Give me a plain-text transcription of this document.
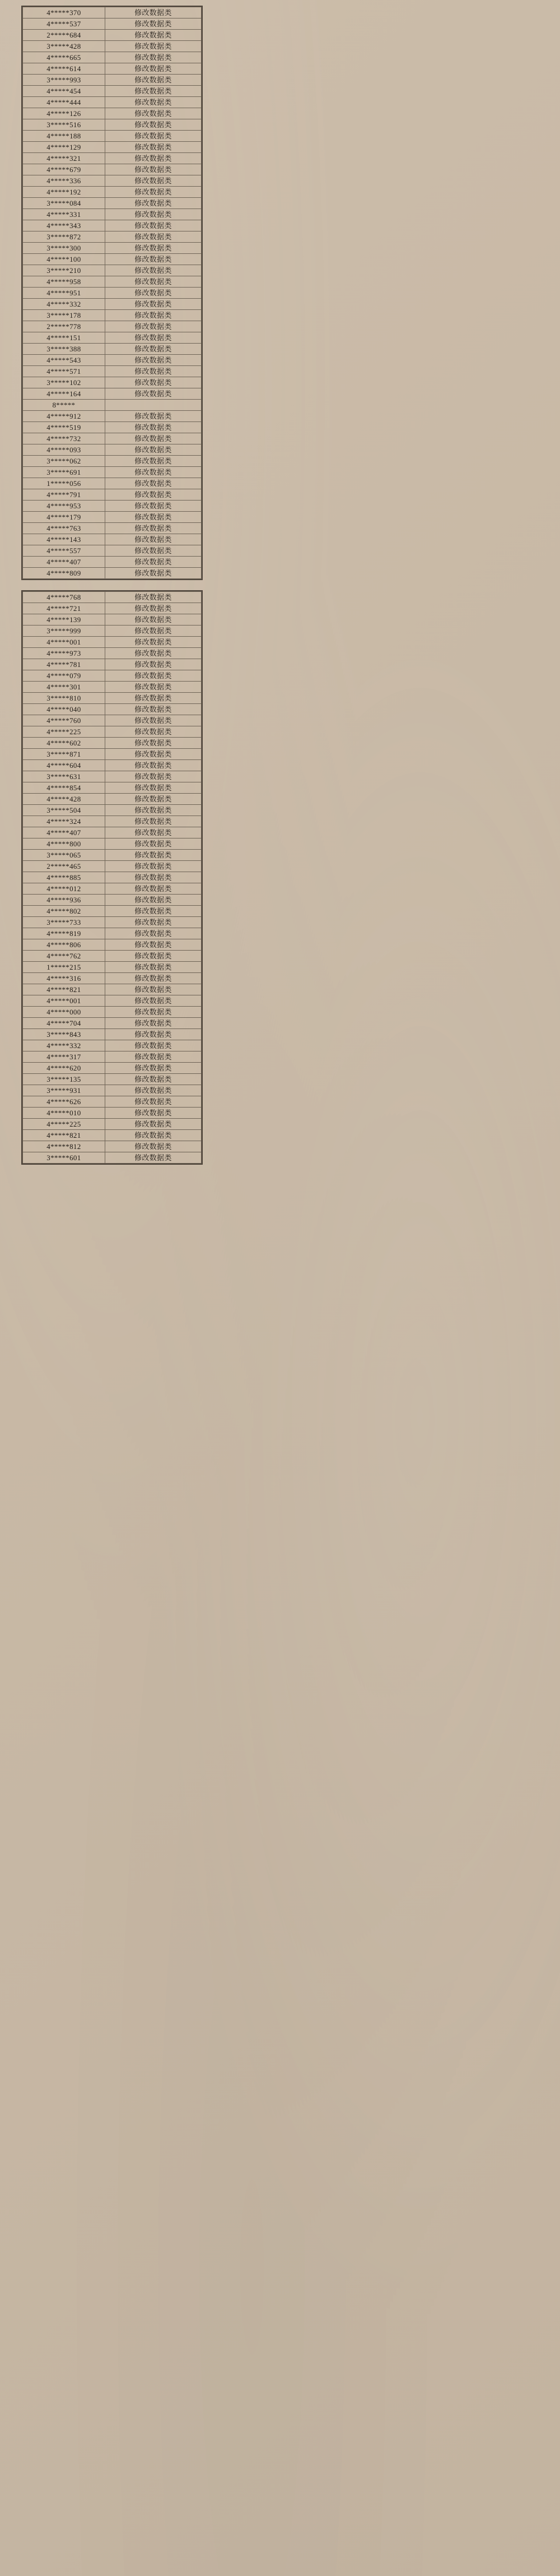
4*****370	修改数据类
4*****537	修改数据类
2*****684	修改数据类
3*****428	修改数据类
4*****665	修改数据类
4*****614	修改数据类
3*****993	修改数据类
4*****454	修改数据类
4*****444	修改数据类
4*****126	修改数据类
3*****516	修改数据类
4*****188	修改数据类
4*****129	修改数据类
4*****321	修改数据类
4*****679	修改数据类
4*****336	修改数据类
4*****192	修改数据类
3*****084	修改数据类
4*****331	修改数据类
4*****343	修改数据类
3*****872	修改数据类
3*****300	修改数据类
4*****100	修改数据类
3*****210	修改数据类
4*****958	修改数据类
4*****951	修改数据类
4*****332	修改数据类
3*****178	修改数据类
2*****778	修改数据类
4*****151	修改数据类
3*****388	修改数据类
4*****543	修改数据类
4*****571	修改数据类
3*****102	修改数据类
4*****164	修改数据类
8*****	
4*****912	修改数据类
4*****519	修改数据类
4*****732	修改数据类
4*****093	修改数据类
3*****062	修改数据类
3*****691	修改数据类
1*****056	修改数据类
4*****791	修改数据类
4*****953	修改数据类
4*****179	修改数据类
4*****763	修改数据类
4*****143	修改数据类
4*****557	修改数据类
4*****407	修改数据类
4*****809	修改数据类
4*****768	修改数据类
4*****721	修改数据类
4*****139	修改数据类
3*****999	修改数据类
4*****001	修改数据类
4*****973	修改数据类
4*****781	修改数据类
4*****079	修改数据类
4*****301	修改数据类
3*****810	修改数据类
4*****040	修改数据类
4*****760	修改数据类
4*****225	修改数据类
4*****602	修改数据类
3*****871	修改数据类
4*****604	修改数据类
3*****631	修改数据类
4*****854	修改数据类
4*****428	修改数据类
3*****504	修改数据类
4*****324	修改数据类
4*****407	修改数据类
4*****800	修改数据类
3*****065	修改数据类
2*****465	修改数据类
4*****885	修改数据类
4*****012	修改数据类
4*****936	修改数据类
4*****802	修改数据类
3*****733	修改数据类
4*****819	修改数据类
4*****806	修改数据类
4*****762	修改数据类
1*****215	修改数据类
4*****316	修改数据类
4*****821	修改数据类
4*****001	修改数据类
4*****000	修改数据类
4*****704	修改数据类
3*****843	修改数据类
4*****332	修改数据类
4*****317	修改数据类
4*****620	修改数据类
3*****135	修改数据类
3*****931	修改数据类
4*****626	修改数据类
4*****010	修改数据类
4*****225	修改数据类
4*****821	修改数据类
4*****812	修改数据类
3*****601	修改数据类
